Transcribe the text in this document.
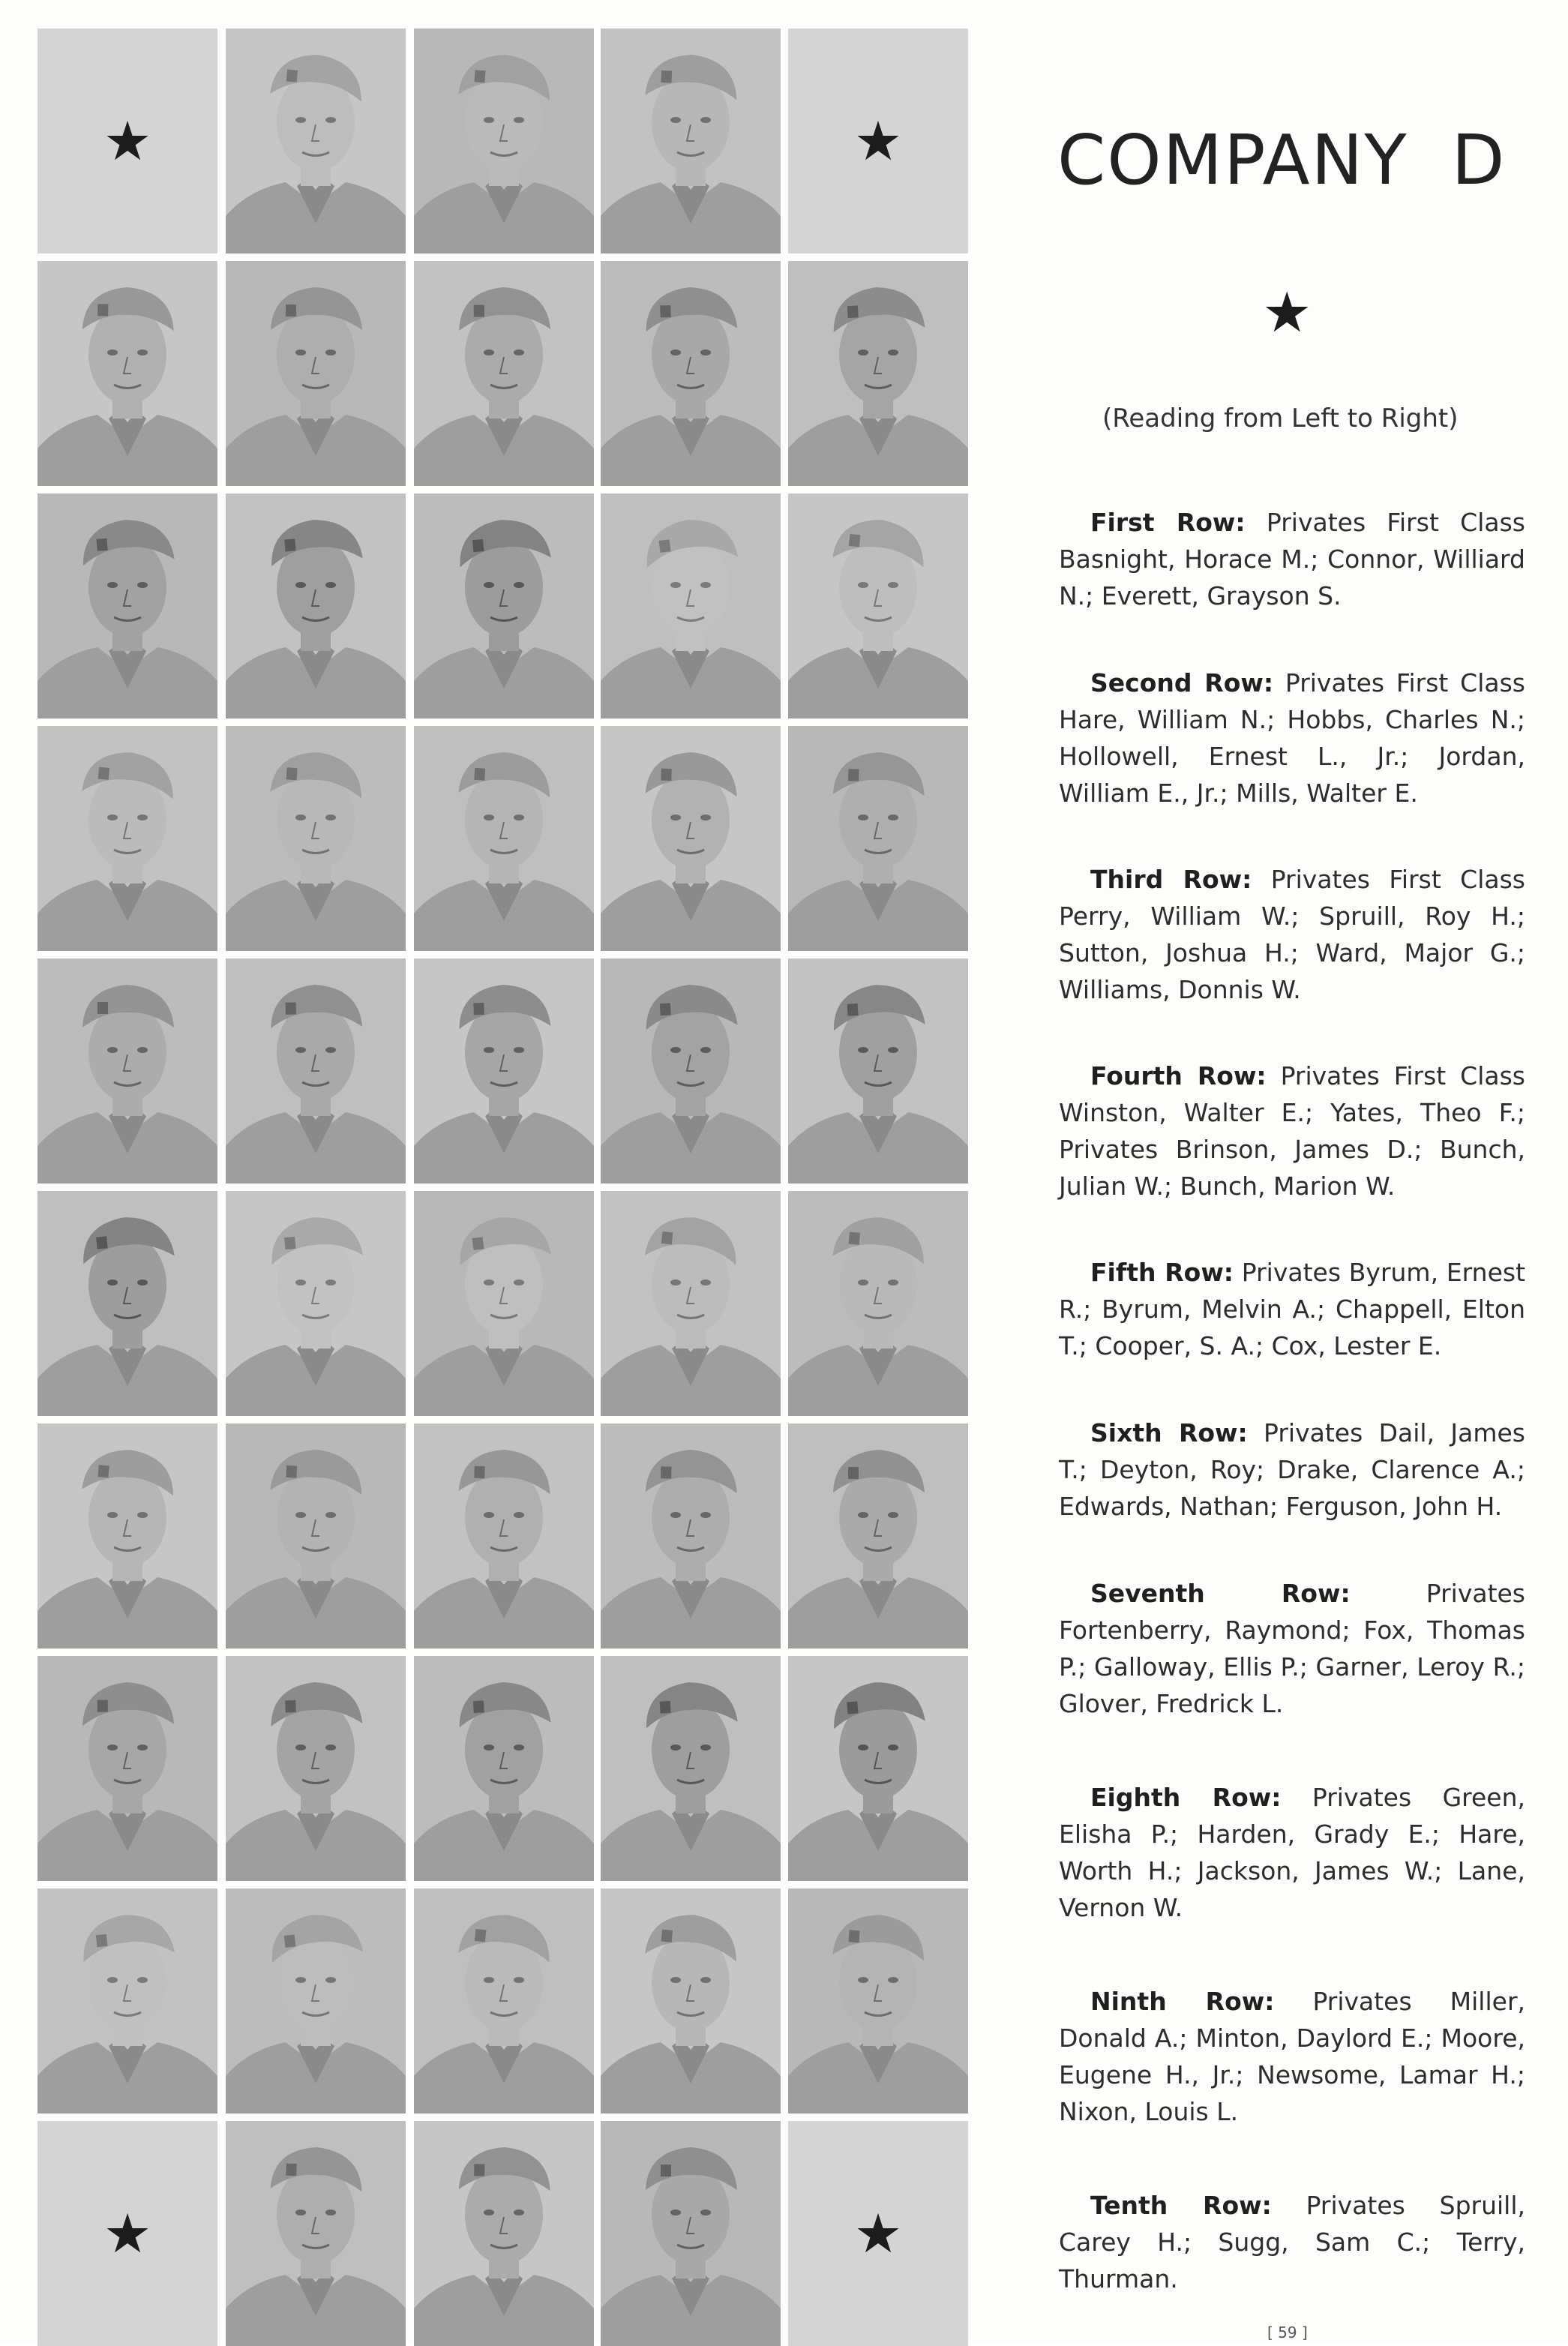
★	★
★	★
COMPANY D
★
(Reading from Left to Right)
First Row: Privates First Class Basnight, Horace M.; Connor, Williard N.; Everett, Grayson S.
Second Row: Privates First Class Hare, William N.; Hobbs, Charles N.; Hollowell, Ernest L., Jr.; Jordan, William E., Jr.; Mills, Walter E.
Third Row: Privates First Class Perry, William W.; Spruill, Roy H.; Sutton, Joshua H.; Ward, Major G.; Williams, Donnis W.
Fourth Row: Privates First Class Winston, Walter E.; Yates, Theo F.; Privates Brinson, James D.; Bunch, Julian W.; Bunch, Marion W.
Fifth Row: Privates Byrum, Ernest R.; Byrum, Melvin A.; Chappell, Elton T.; Cooper, S. A.; Cox, Lester E.
Sixth Row: Privates Dail, James T.; Deyton, Roy; Drake, Clarence A.; Edwards, Nathan; Ferguson, John H.
Seventh Row: Privates Fortenberry, Raymond; Fox, Thomas P.; Galloway, Ellis P.; Garner, Leroy R.; Glover, Fredrick L.
Eighth Row: Privates Green, Elisha P.; Harden, Grady E.; Hare, Worth H.; Jackson, James W.; Lane, Vernon W.
Ninth Row: Privates Miller, Donald A.; Minton, Daylord E.; Moore, Eugene H., Jr.; Newsome, Lamar H.; Nixon, Louis L.
Tenth Row: Privates Spruill, Carey H.; Sugg, Sam C.; Terry, Thurman.
[ 59 ]
